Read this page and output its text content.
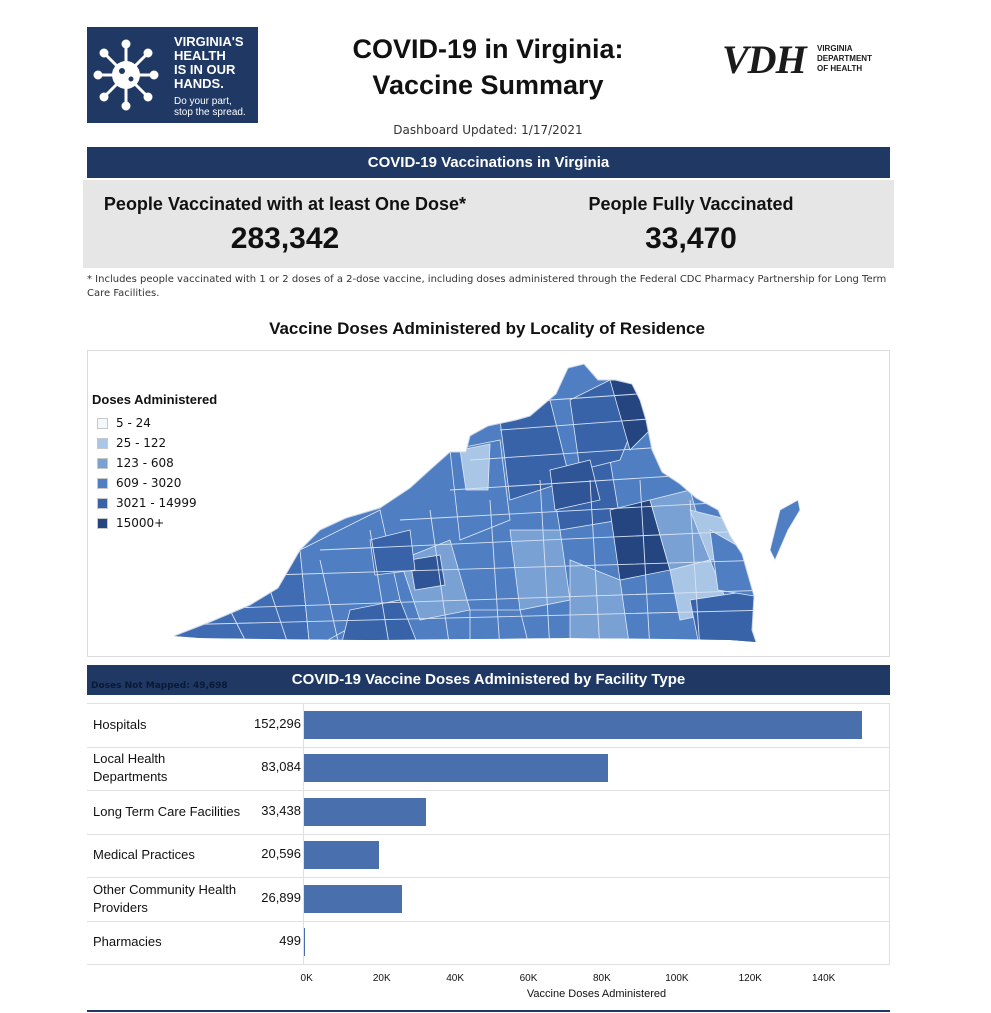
VIRGINIA'S
HEALTH
IS IN OUR
HANDS.
Do your part,
stop the spread.
COVID-19 in Virginia:
Vaccine Summary
VDH VIRGINIA
DEPARTMENT
OF HEALTH
Dashboard Updated: 1/17/2021
COVID-19 Vaccinations in Virginia
People Vaccinated with at least One Dose*
283,342
People Fully Vaccinated
33,470
* Includes people vaccinated with 1 or 2 doses of a 2-dose vaccine, including doses administered through the Federal CDC Pharmacy Partnership for Long Term Care Facilities.
Vaccine Doses Administered by Locality of Residence
Doses Administered
5 - 24
25 - 122
123 - 608
609 - 3020
3021 - 14999
15000+
COVID-19 Vaccine Doses Administered by Facility Type
Doses Not Mapped: 49,698
Vaccine Doses Administered
Hospitals	152,296
Local Health
Departments
83,084
Long Term Care Facilities	33,438
Medical Practices	20,596
Other Community Health
Providers
26,899
Pharmacies	499
0K	20K	40K	60K	80K	100K	120K	140K
